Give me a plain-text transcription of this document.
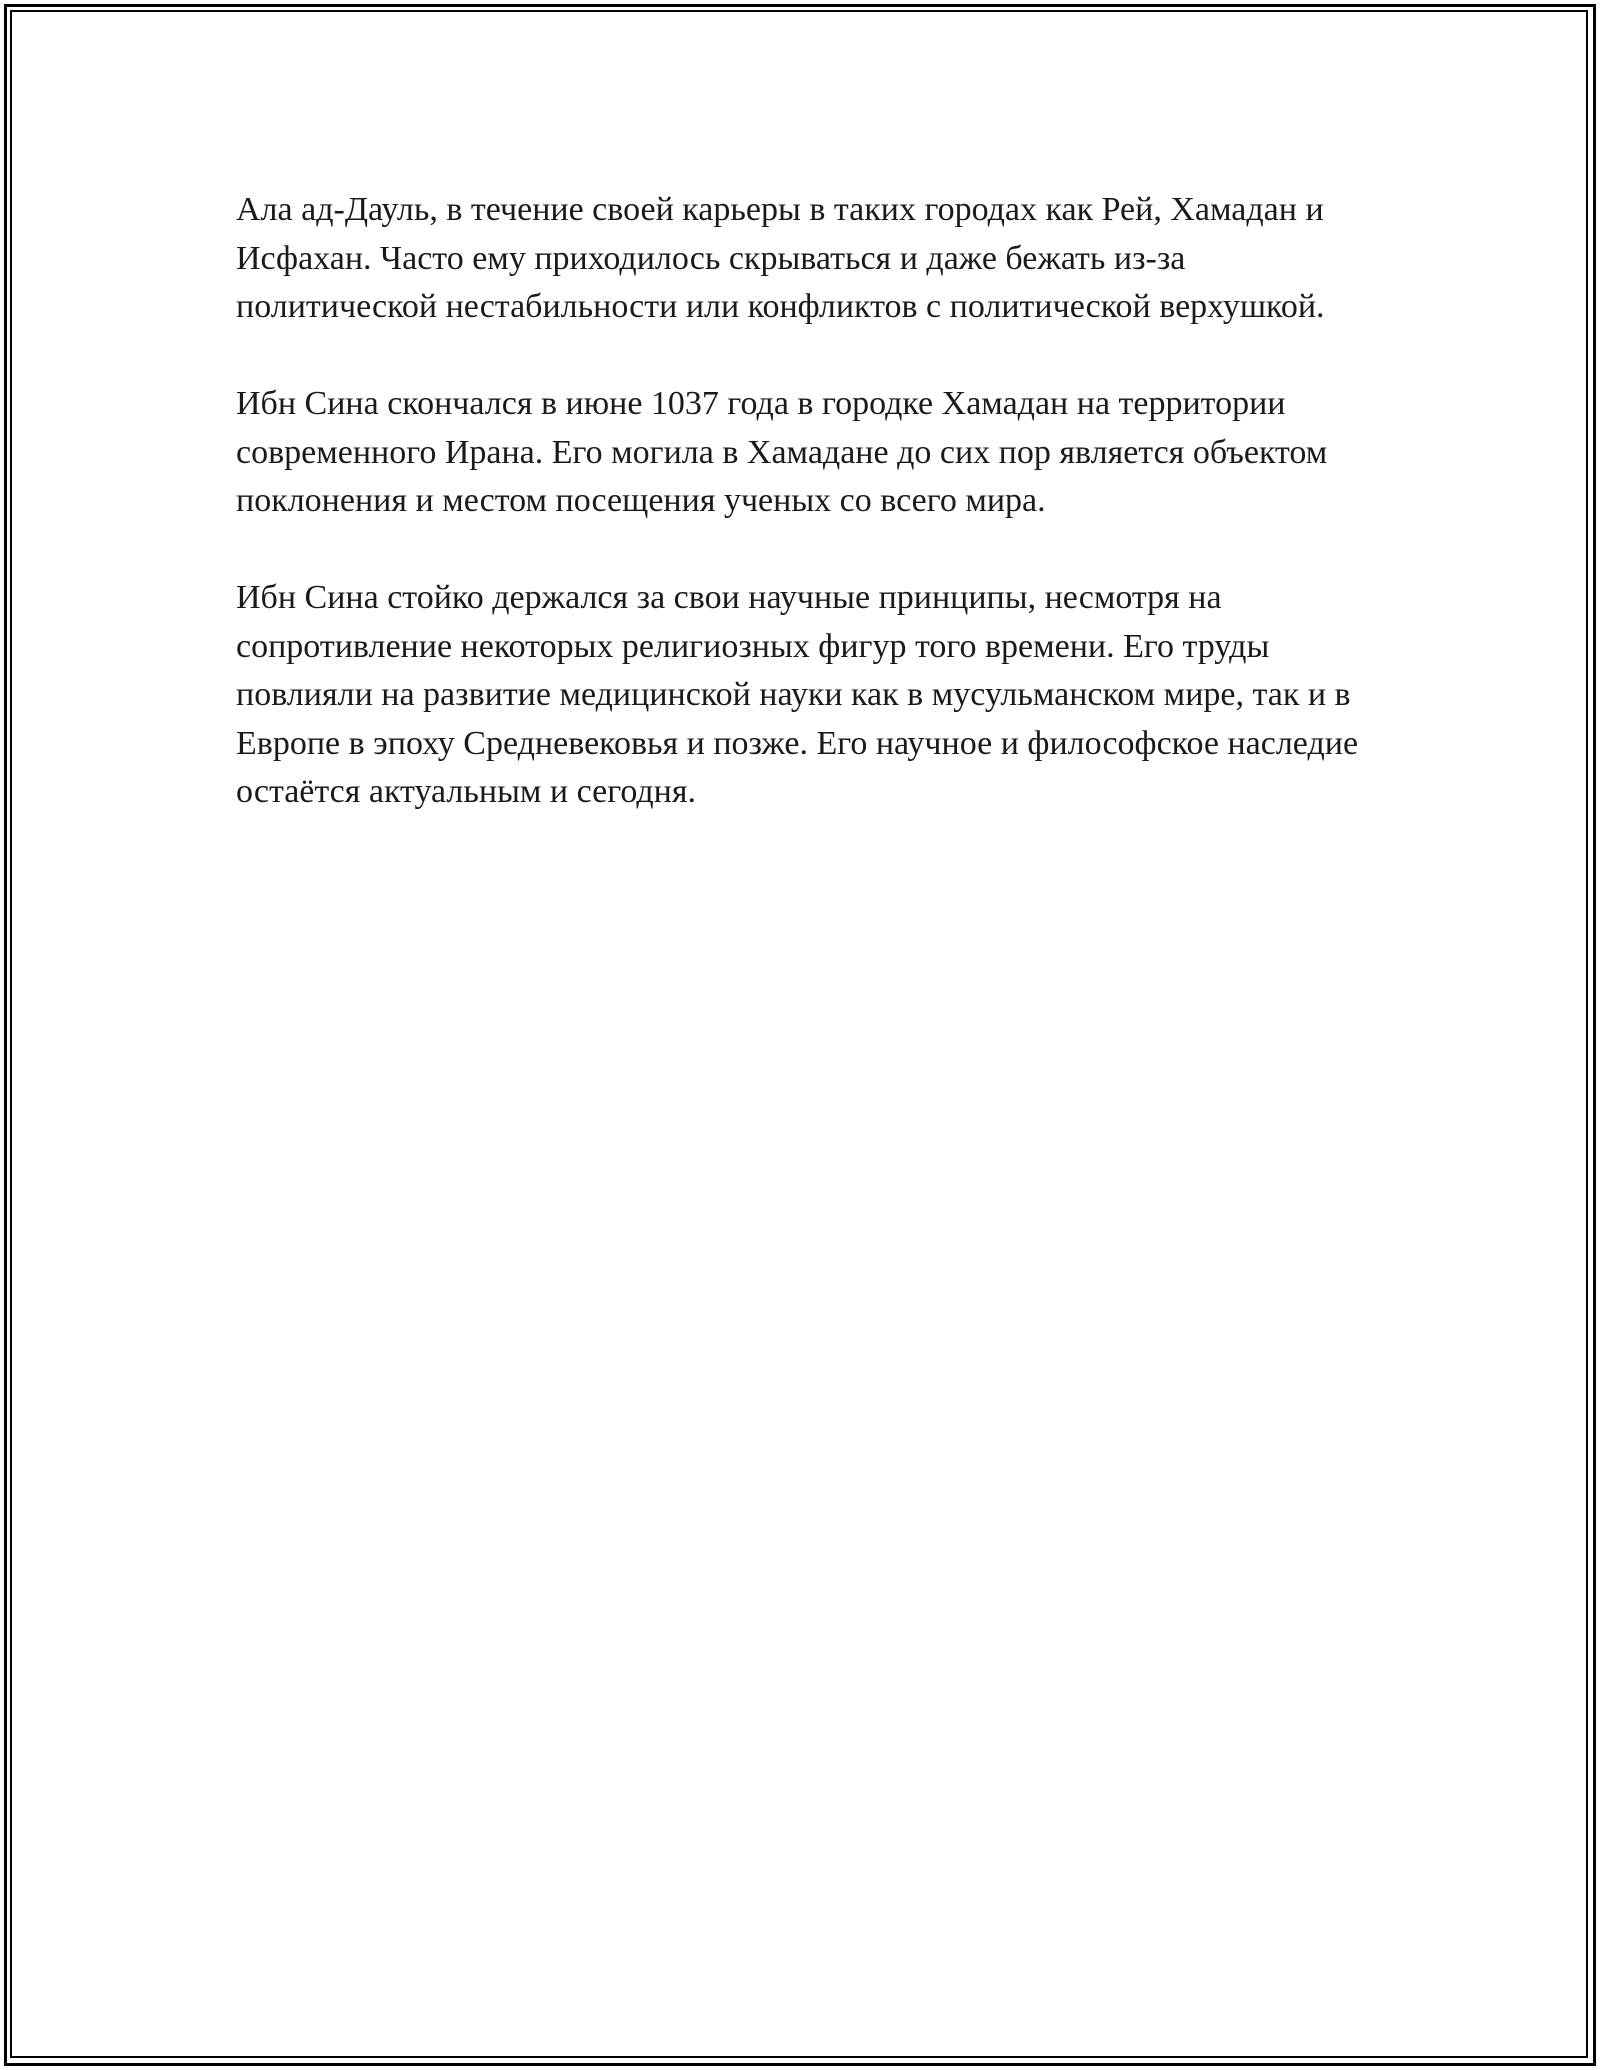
Ала ад-Дауль, в течение своей карьеры в таких городах как Рей, Хамадан и Исфахан. Часто ему приходилось скрываться и даже бежать из-за политической нестабильности или конфликтов с политической верхушкой.

Ибн Сина скончался в июне 1037 года в городке Хамадан на территории современного Ирана. Его могила в Хамадане до сих пор является объектом поклонения и местом посещения ученых со всего мира.

Ибн Сина стойко держался за свои научные принципы, несмотря на сопротивление некоторых религиозных фигур того времени. Его труды повлияли на развитие медицинской науки как в мусульманском мире, так и в Европе в эпоху Средневековья и позже. Его научное и философское наследие остаётся актуальным и сегодня.
